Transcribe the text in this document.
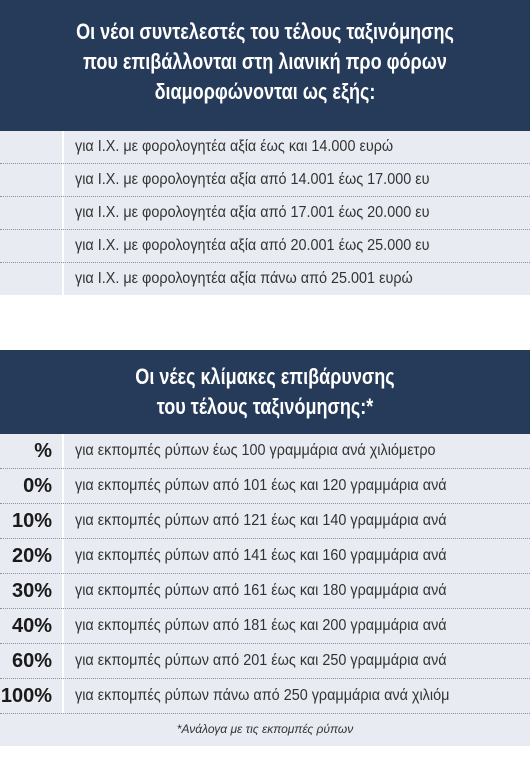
Οι νέοι συντελεστές του τέλους ταξινόμησης
που επιβάλλονται στη λιανική προ φόρων
διαμορφώνονται ως εξής:
για Ι.Χ. με φορολογητέα αξία έως και 14.000 ευρώ
για Ι.Χ. με φορολογητέα αξία από 14.001 έως 17.000 ευ
για Ι.Χ. με φορολογητέα αξία από 17.001 έως 20.000 ευ
για Ι.Χ. με φορολογητέα αξία από 20.001 έως 25.000 ευ
για Ι.Χ. με φορολογητέα αξία πάνω από 25.001 ευρώ
Οι νέες κλίμακες επιβάρυνσης
του τέλους ταξινόμησης:*
%	για εκπομπές ρύπων έως 100 γραμμάρια ανά χιλιόμετρο
0%	για εκπομπές ρύπων από 101 έως και 120 γραμμάρια ανά
10%	για εκπομπές ρύπων από 121 έως και 140 γραμμάρια ανά
20%	για εκπομπές ρύπων από 141 έως και 160 γραμμάρια ανά
30%	για εκπομπές ρύπων από 161 έως και 180 γραμμάρια ανά
40%	για εκπομπές ρύπων από 181 έως και 200 γραμμάρια ανά
60%	για εκπομπές ρύπων από 201 έως και 250 γραμμάρια ανά
100%	για εκπομπές ρύπων πάνω από 250 γραμμάρια ανά χιλιόμ
*Ανάλογα με τις εκπομπές ρύπων
